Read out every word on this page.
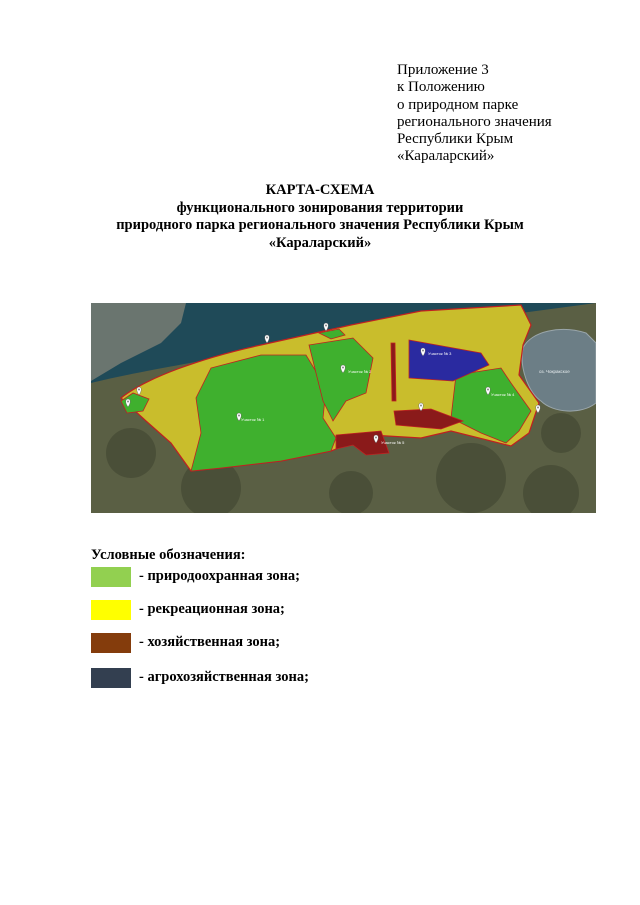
Приложение 3
к Положению
о природном парке
регионального значения
Республики Крым
«Караларский»
КАРТА-СХЕМА
функционального зонирования территории
природного парка регионального значения Республики Крым
«Караларский»
оз. Чокракское
Участок № 1
Участок № 2
Участок № 3
Участок № 4
Участок № 5
Условные обозначения:
- природоохранная зона;
- рекреационная зона;
- хозяйственная зона;
- агрохозяйственная зона;
